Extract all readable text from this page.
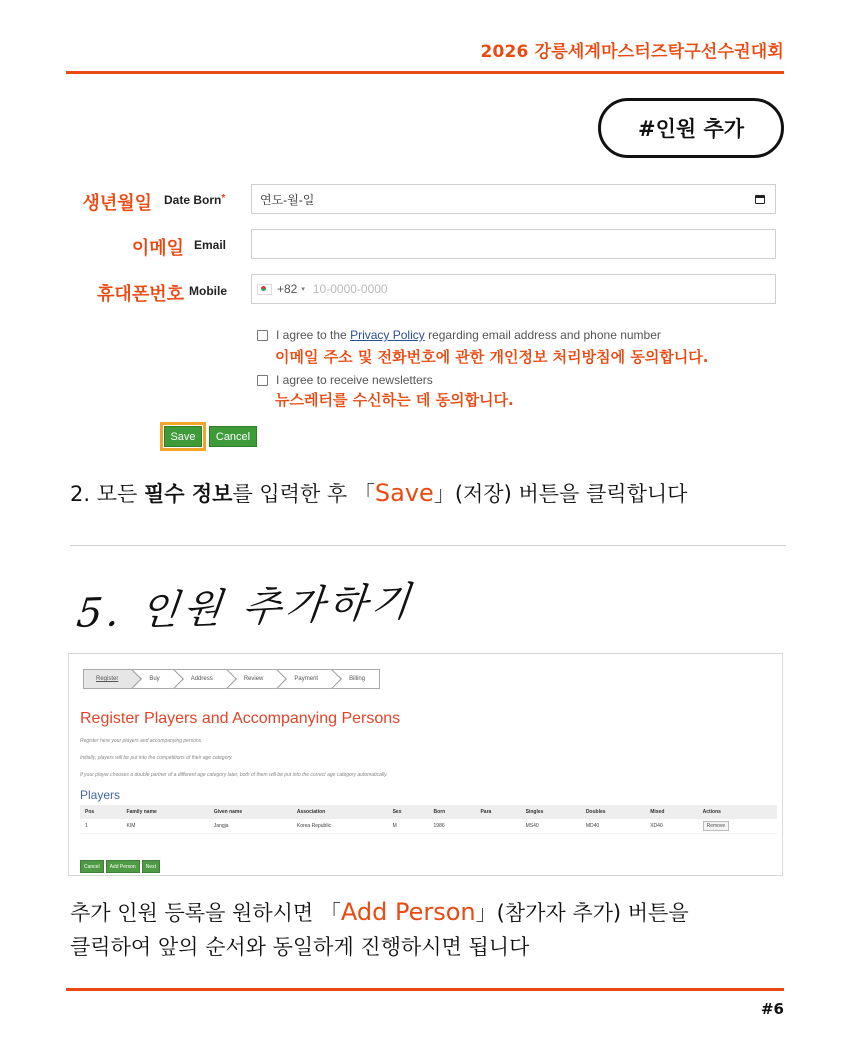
2026 강릉세계마스터즈탁구선수권대회
#인원 추가
생년월일 Date Born*	연도-월-일
이메일 Email
휴대폰번호 Mobile	+82 ▾ 10-0000-0000
I agree to the Privacy Policy regarding email address and phone number
이메일 주소 및 전화번호에 관한 개인정보 처리방침에 동의합니다.
I agree to receive newsletters
뉴스레터를 수신하는 데 동의합니다.
Save	Cancel
2. 모든 필수 정보를 입력한 후 「Save」(저장) 버튼을 클릭합니다
5. 인원 추가하기
Register	Buy	Address	Review	Payment	Billing
Register Players and Accompanying Persons
Register here your players and accompanying persons.
Initially, players will be put into the competitions of their age category.
If your player chooses a double partner of a different age category later, both of them will be put into the correct age category automatically.
Players
Pos	Family name	Given name	Association	Sex	Born	Para	Singles	Doubles	Mixed	Actions
1	KIM	Jangja	Korea Republic	M	1986		MS40	MD40	XD40	Remove
Cancel	Add Person	Next
추가 인원 등록을 원하시면 「Add Person」(참가자 추가) 버튼을
클릭하여 앞의 순서와 동일하게 진행하시면 됩니다
#6
